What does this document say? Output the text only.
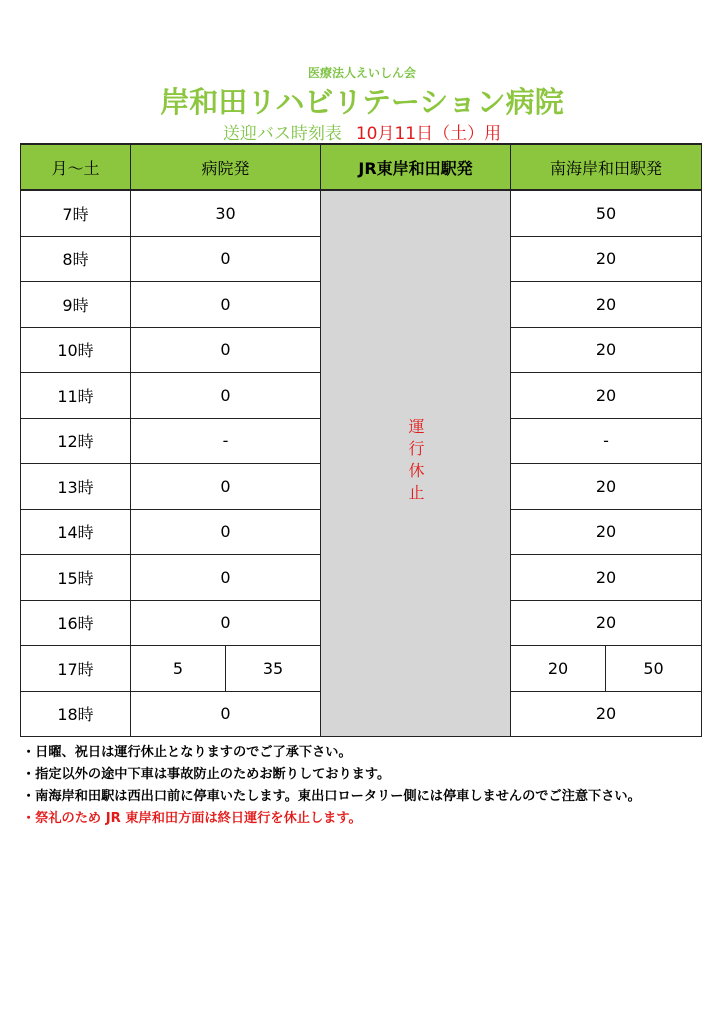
医療法人えいしん会
岸和田リハビリテーション病院
送迎バス時刻表 10月11日（土）用
月～土	病院発		JR東岸和田駅発	南海岸和田駅発	
7時	30		運行休止	50	
8時	0			20	
9時	0			20	
10時	0			20	
11時	0			20	
12時	-			-	
13時	0			20	
14時	0			20	
15時	0			20	
16時	0			20	
17時	5	35		20	50
18時	0			20	
・日曜、祝日は運行休止となりますのでご了承下さい。
・指定以外の途中下車は事故防止のためお断りしております。
・南海岸和田駅は西出口前に停車いたします。東出口ロータリー側には停車しませんのでご注意下さい。
・祭礼のため JR 東岸和田方面は終日運行を休止します。
